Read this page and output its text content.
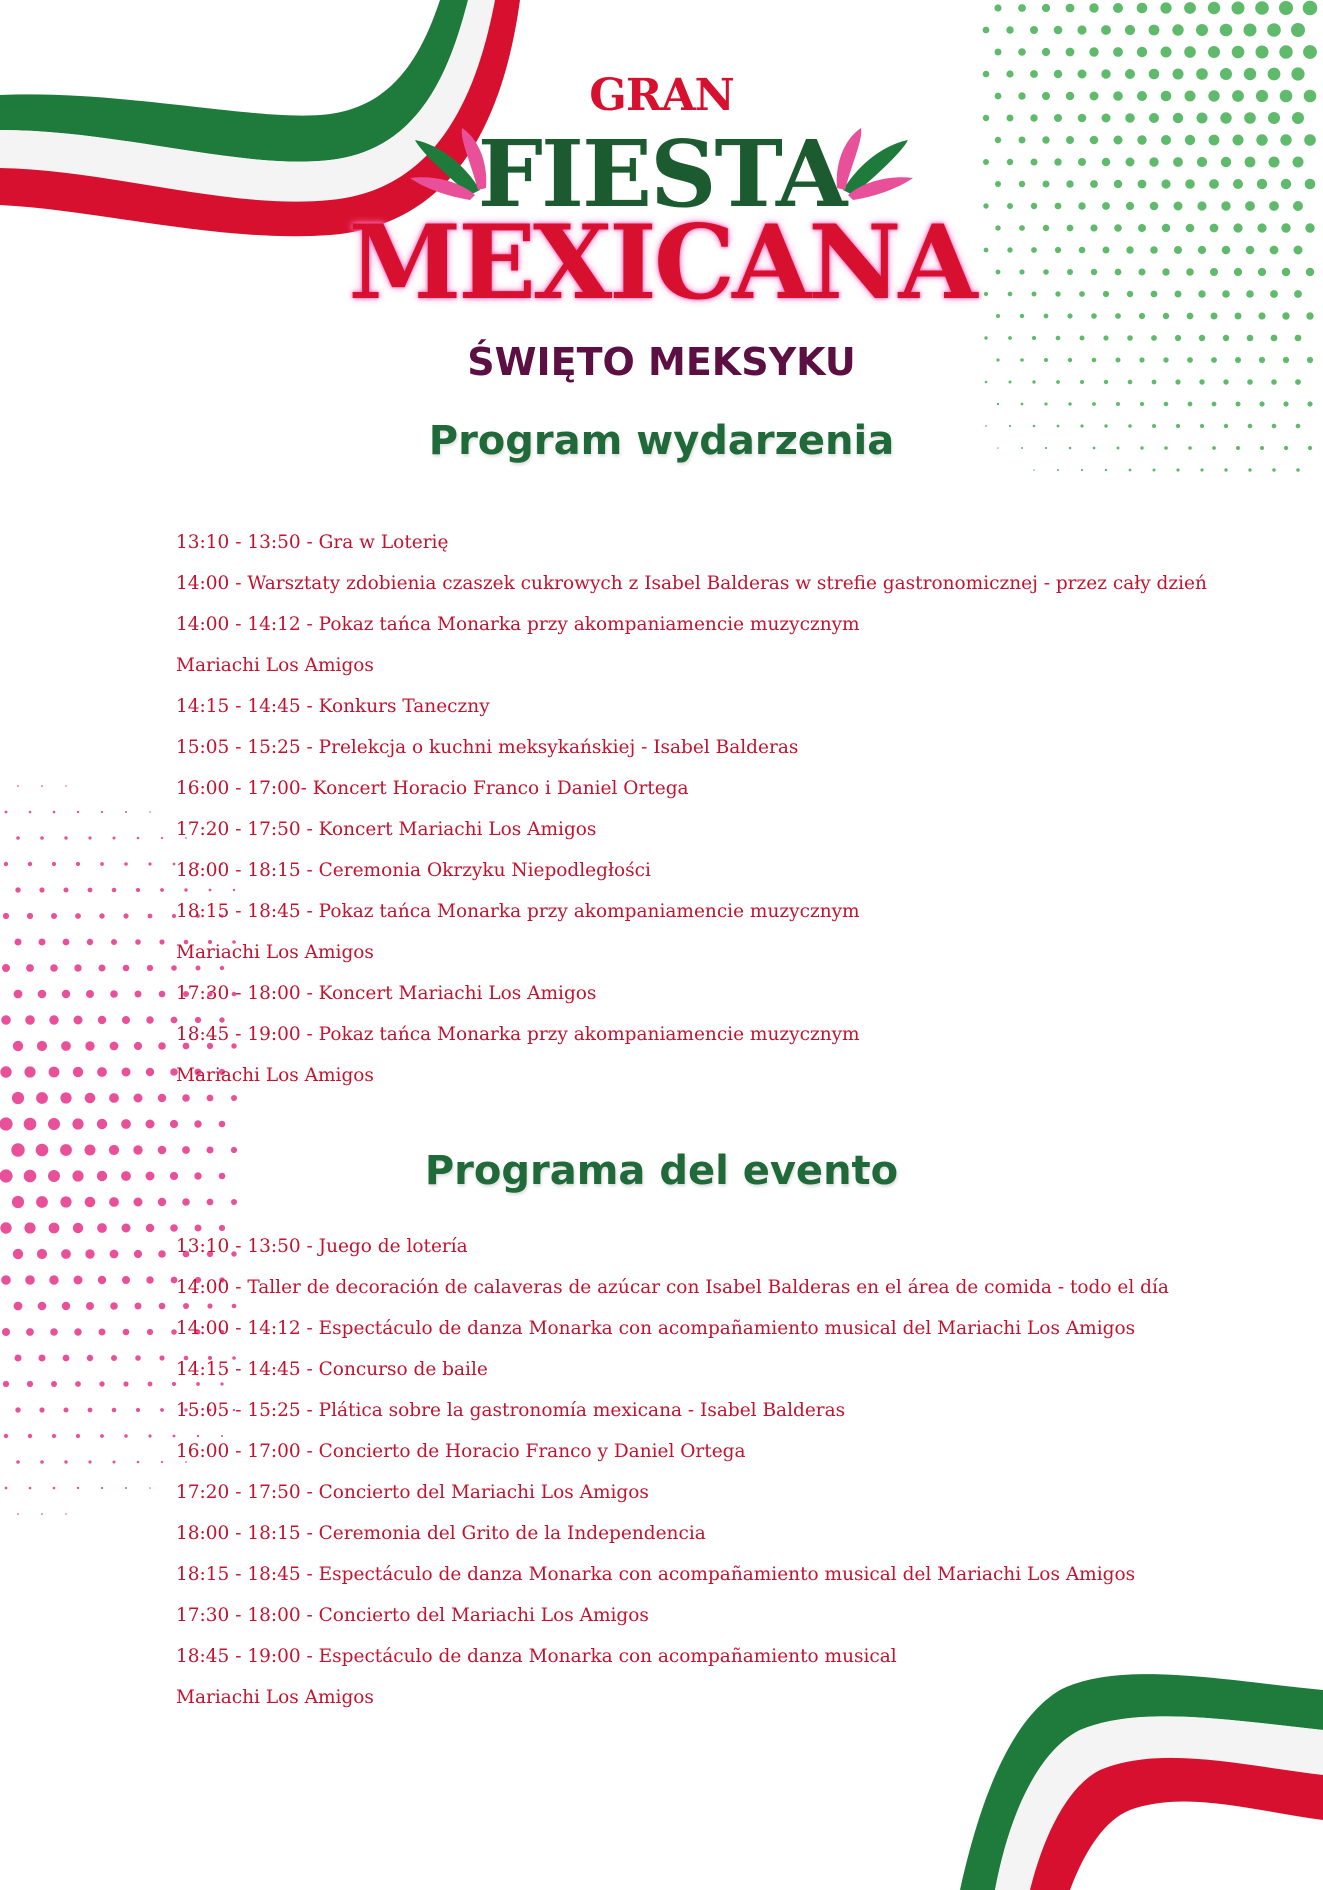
GRAN
FIESTA
MEXICANA
ŚWIĘTO MEKSYKU
Program wydarzenia
13:10 - 13:50 - Gra w Loterię
14:00 - Warsztaty zdobienia czaszek cukrowych z Isabel Balderas w strefie gastronomicznej - przez cały dzień
14:00 - 14:12 - Pokaz tańca Monarka przy akompaniamencie muzycznym
Mariachi Los Amigos
14:15 - 14:45 - Konkurs Taneczny
15:05 - 15:25 - Prelekcja o kuchni meksykańskiej - Isabel Balderas
16:00 - 17:00- Koncert Horacio Franco i Daniel Ortega
17:20 - 17:50 - Koncert Mariachi Los Amigos
18:00 - 18:15 - Ceremonia Okrzyku Niepodległości
18:15 - 18:45 - Pokaz tańca Monarka przy akompaniamencie muzycznym
Mariachi Los Amigos
17:30 - 18:00 - Koncert Mariachi Los Amigos
18:45 - 19:00 - Pokaz tańca Monarka przy akompaniamencie muzycznym
Mariachi Los Amigos
Programa del evento
13:10 - 13:50 - Juego de lotería
14:00 - Taller de decoración de calaveras de azúcar con Isabel Balderas en el área de comida - todo el día
14:00 - 14:12 - Espectáculo de danza Monarka con acompañamiento musical del Mariachi Los Amigos
14:15 - 14:45 - Concurso de baile
15:05 - 15:25 - Plática sobre la gastronomía mexicana - Isabel Balderas
16:00 - 17:00 - Concierto de Horacio Franco y Daniel Ortega
17:20 - 17:50 - Concierto del Mariachi Los Amigos
18:00 - 18:15 - Ceremonia del Grito de la Independencia
18:15 - 18:45 - Espectáculo de danza Monarka con acompañamiento musical del Mariachi Los Amigos
17:30 - 18:00 - Concierto del Mariachi Los Amigos
18:45 - 19:00 - Espectáculo de danza Monarka con acompañamiento musical
Mariachi Los Amigos
